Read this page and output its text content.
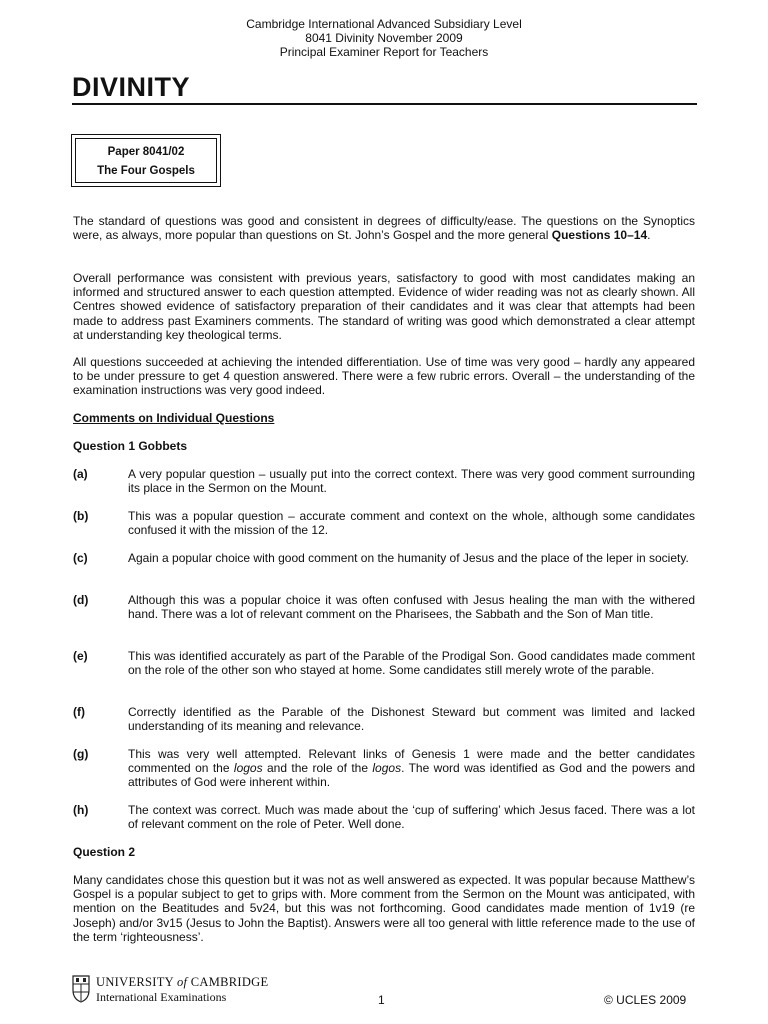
Cambridge International Advanced Subsidiary Level
8041 Divinity November 2009
Principal Examiner Report for Teachers
DIVINITY
Paper 8041/02
The Four Gospels
The standard of questions was good and consistent in degrees of difficulty/ease. The questions on the Synoptics were, as always, more popular than questions on St. John’s Gospel and the more general Questions 10–14.
Overall performance was consistent with previous years, satisfactory to good with most candidates making an informed and structured answer to each question attempted. Evidence of wider reading was not as clearly shown. All Centres showed evidence of satisfactory preparation of their candidates and it was clear that attempts had been made to address past Examiners comments. The standard of writing was good which demonstrated a clear attempt at understanding key theological terms.
All questions succeeded at achieving the intended differentiation. Use of time was very good – hardly any appeared to be under pressure to get 4 question answered. There were a few rubric errors. Overall – the understanding of the examination instructions was very good indeed.
Comments on Individual Questions
Question 1 Gobbets
(a)	A very popular question – usually put into the correct context. There was very good comment surrounding its place in the Sermon on the Mount.
(b)	This was a popular question – accurate comment and context on the whole, although some candidates confused it with the mission of the 12.
(c)	Again a popular choice with good comment on the humanity of Jesus and the place of the leper in society.
(d)	Although this was a popular choice it was often confused with Jesus healing the man with the withered hand. There was a lot of relevant comment on the Pharisees, the Sabbath and the Son of Man title.
(e)	This was identified accurately as part of the Parable of the Prodigal Son. Good candidates made comment on the role of the other son who stayed at home. Some candidates still merely wrote of the parable.
(f)	Correctly identified as the Parable of the Dishonest Steward but comment was limited and lacked understanding of its meaning and relevance.
(g)	This was very well attempted. Relevant links of Genesis 1 were made and the better candidates commented on the logos and the role of the logos. The word was identified as God and the powers and attributes of God were inherent within.
(h)	The context was correct. Much was made about the ‘cup of suffering’ which Jesus faced. There was a lot of relevant comment on the role of Peter. Well done.
Question 2
Many candidates chose this question but it was not as well answered as expected. It was popular because Matthew’s Gospel is a popular subject to get to grips with. More comment from the Sermon on the Mount was anticipated, with mention on the Beatitudes and 5v24, but this was not forthcoming. Good candidates made mention of 1v19 (re Joseph) and/or 3v15 (Jesus to John the Baptist). Answers were all too general with little reference made to the use of the term ‘righteousness’.
UNIVERSITY of CAMBRIDGE
International Examinations	1	© UCLES 2009
